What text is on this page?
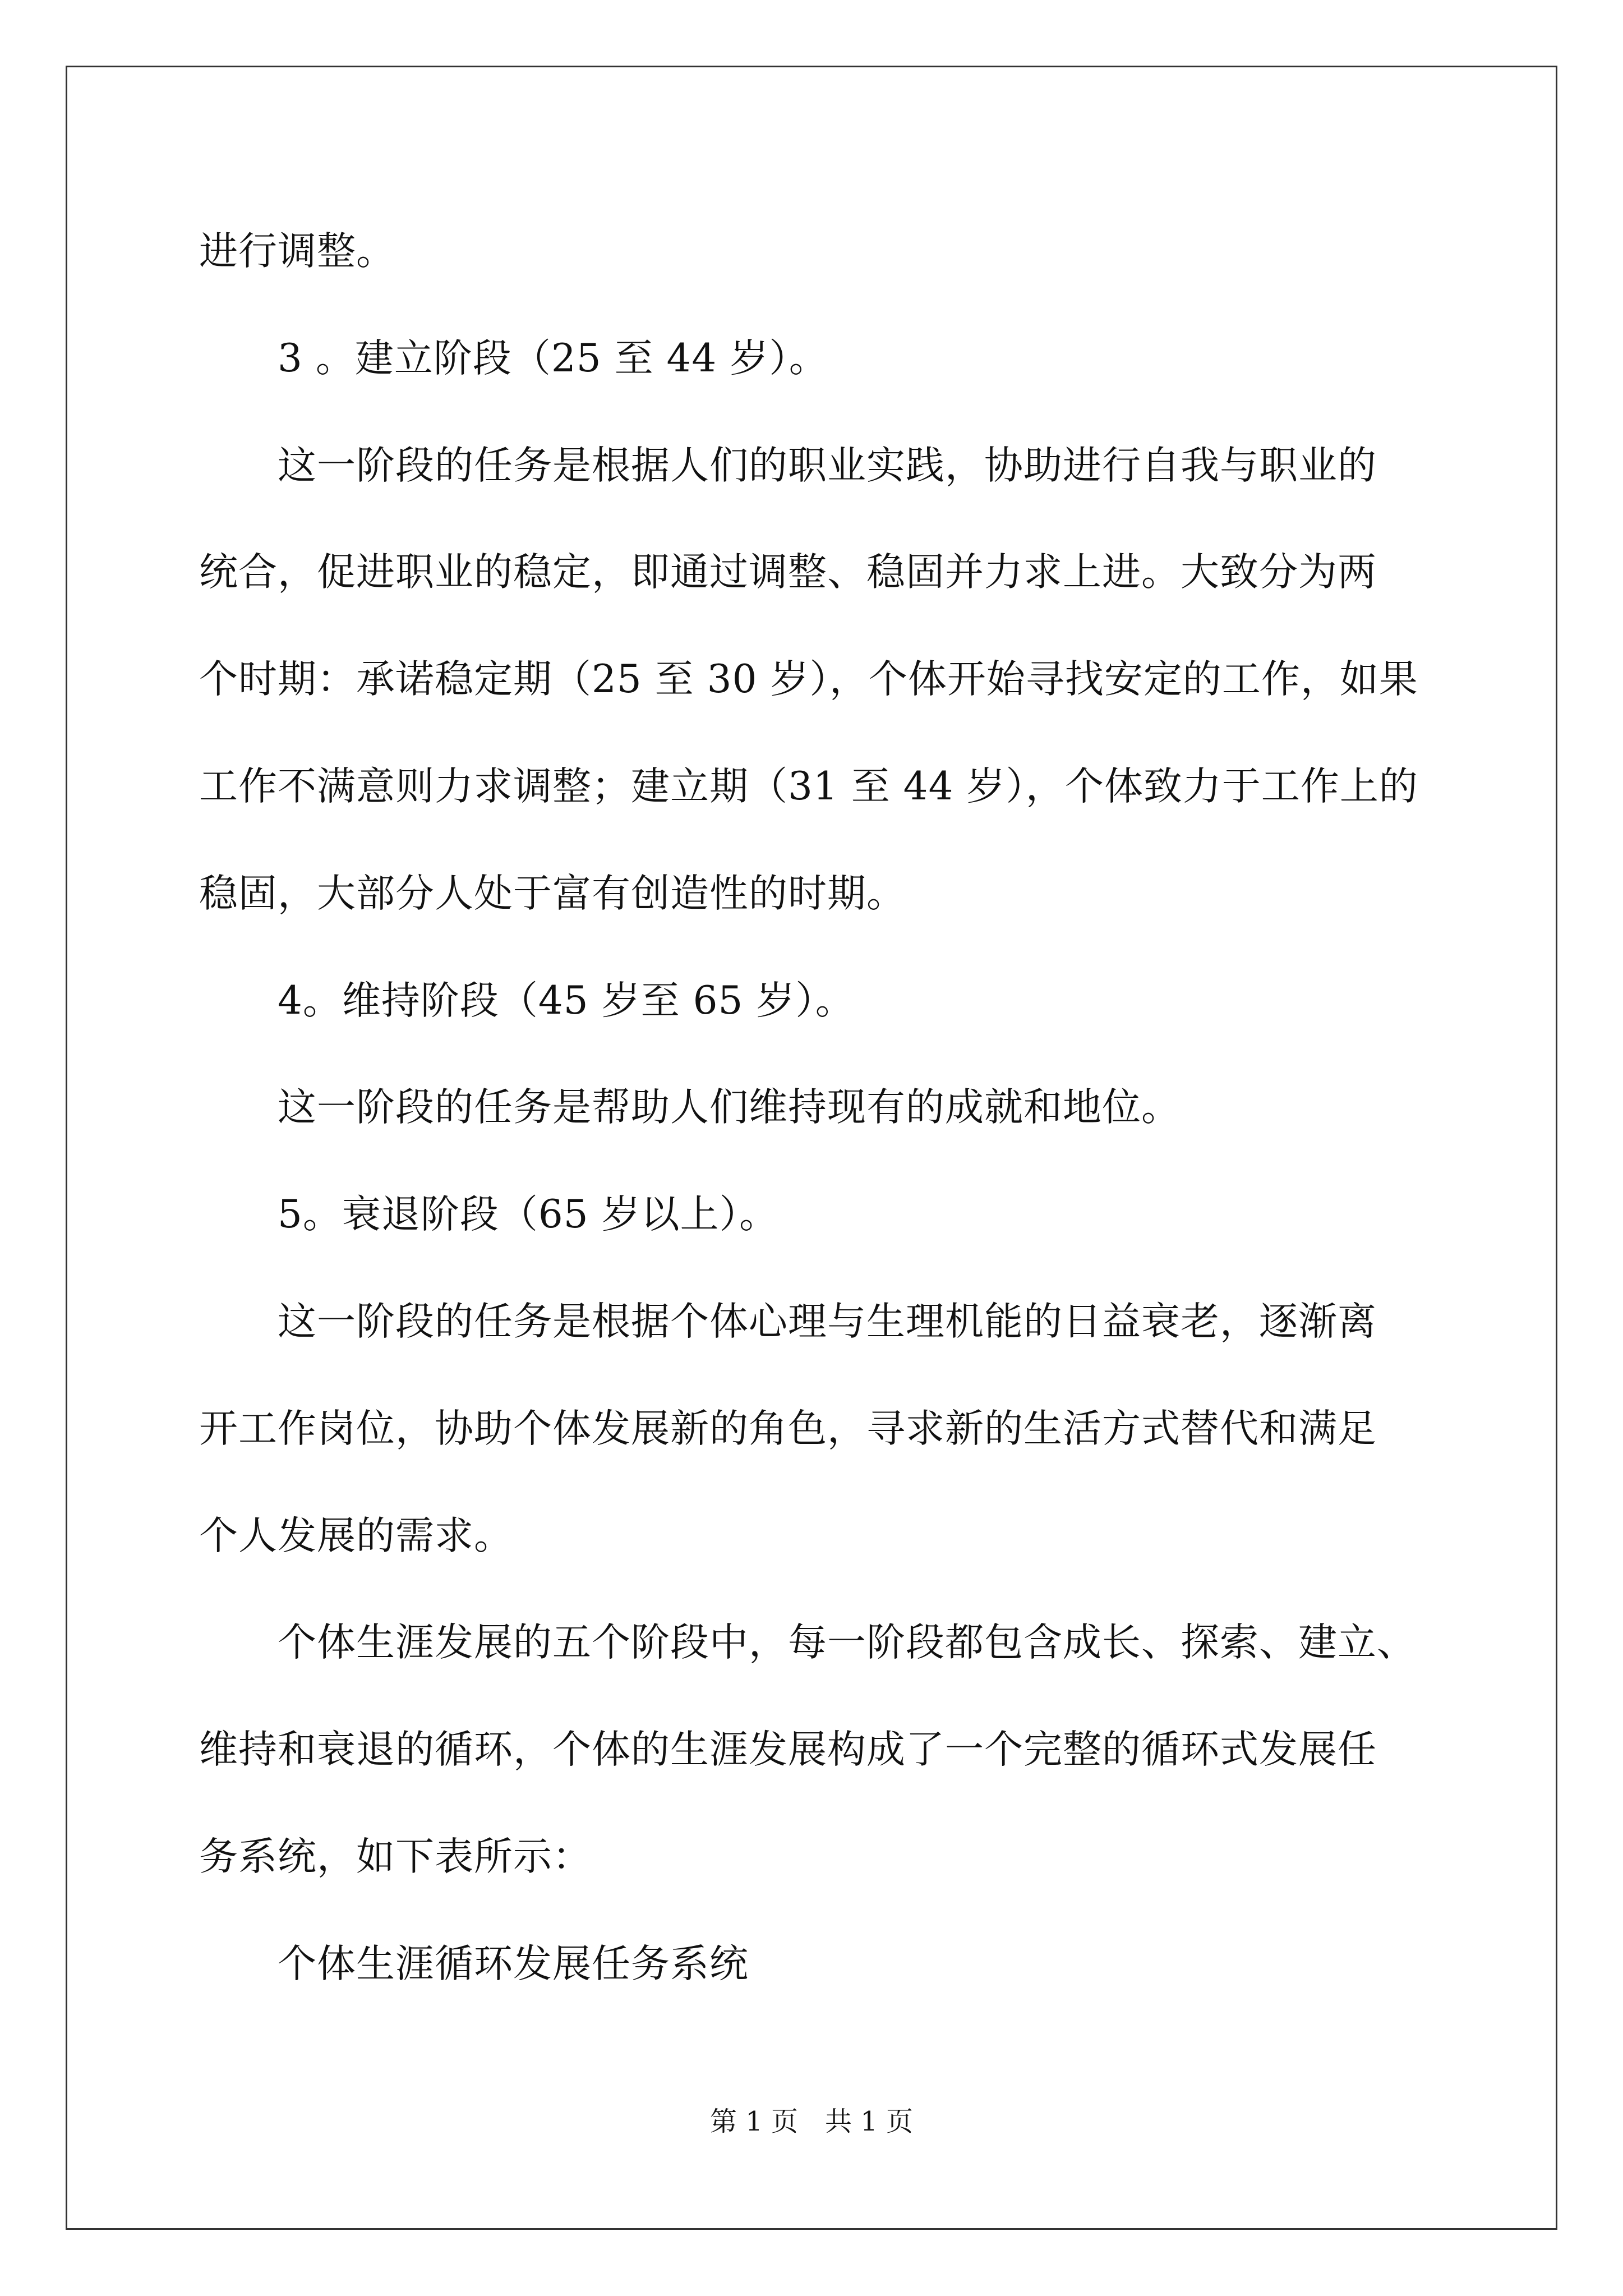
进行调整。
　　3 。建立阶段（25 至 44 岁）。
　　这一阶段的任务是根据人们的职业实践，协助进行自我与职业的
统合，促进职业的稳定，即通过调整、稳固并力求上进。大致分为两
个时期：承诺稳定期（25 至 30 岁），个体开始寻找安定的工作，如果
工作不满意则力求调整；建立期（31 至 44 岁），个体致力于工作上的
稳固，大部分人处于富有创造性的时期。
　　4。维持阶段（45 岁至 65 岁）。
　　这一阶段的任务是帮助人们维持现有的成就和地位。
　　5。衰退阶段（65 岁以上）。
　　这一阶段的任务是根据个体心理与生理机能的日益衰老，逐渐离
开工作岗位，协助个体发展新的角色，寻求新的生活方式替代和满足
个人发展的需求。
　　个体生涯发展的五个阶段中，每一阶段都包含成长、探索、建立、
维持和衰退的循环，个体的生涯发展构成了一个完整的循环式发展任
务系统，如下表所示：
　　个体生涯循环发展任务系统
第 1 页　共 1 页
